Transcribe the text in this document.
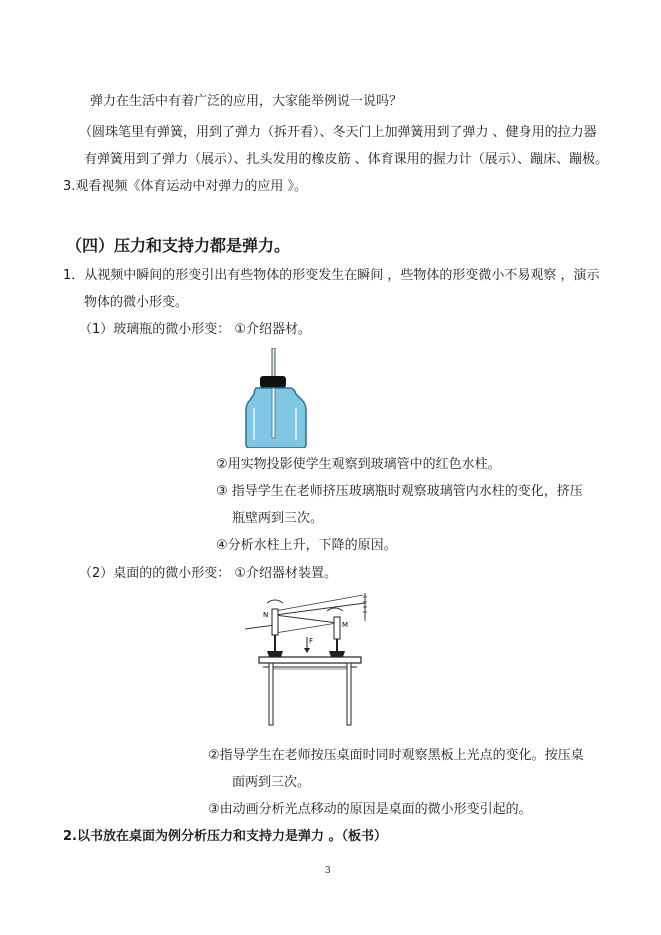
弹力在生活中有着广泛的应用，大家能举例说一说吗？
（圆珠笔里有弹簧，用到了弹力（拆开看）、冬天门上加弹簧用到了弹力 、健身用的拉力器
有弹簧用到了弹力（展示）、扎头发用的橡皮筋 、体育课用的握力计（展示）、蹦床、蹦极。
3.观看视频《体育运动中对弹力的应用 》。
（四）压力和支持力都是弹力。
1．从视频中瞬间的形变引出有些物体的形变发生在瞬间 ，些物体的形变微小不易观察 ，演示
物体的微小形变。
（1）玻璃瓶的微小形变： ①介绍器材。
②用实物投影使学生观察到玻璃管中的红色水柱。
③ 指导学生在老师挤压玻璃瓶时观察玻璃管内水柱的变化，挤压
瓶壁两到三次。
④分析水柱上升，下降的原因。
（2）桌面的的微小形变： ①介绍器材装置。
N
M
F
②指导学生在老师按压桌面时同时观察黑板上光点的变化。按压桌
面两到三次。
③由动画分析光点移动的原因是桌面的微小形变引起的。
2.以书放在桌面为例分析压力和支持力是弹力 。（板书）
3
